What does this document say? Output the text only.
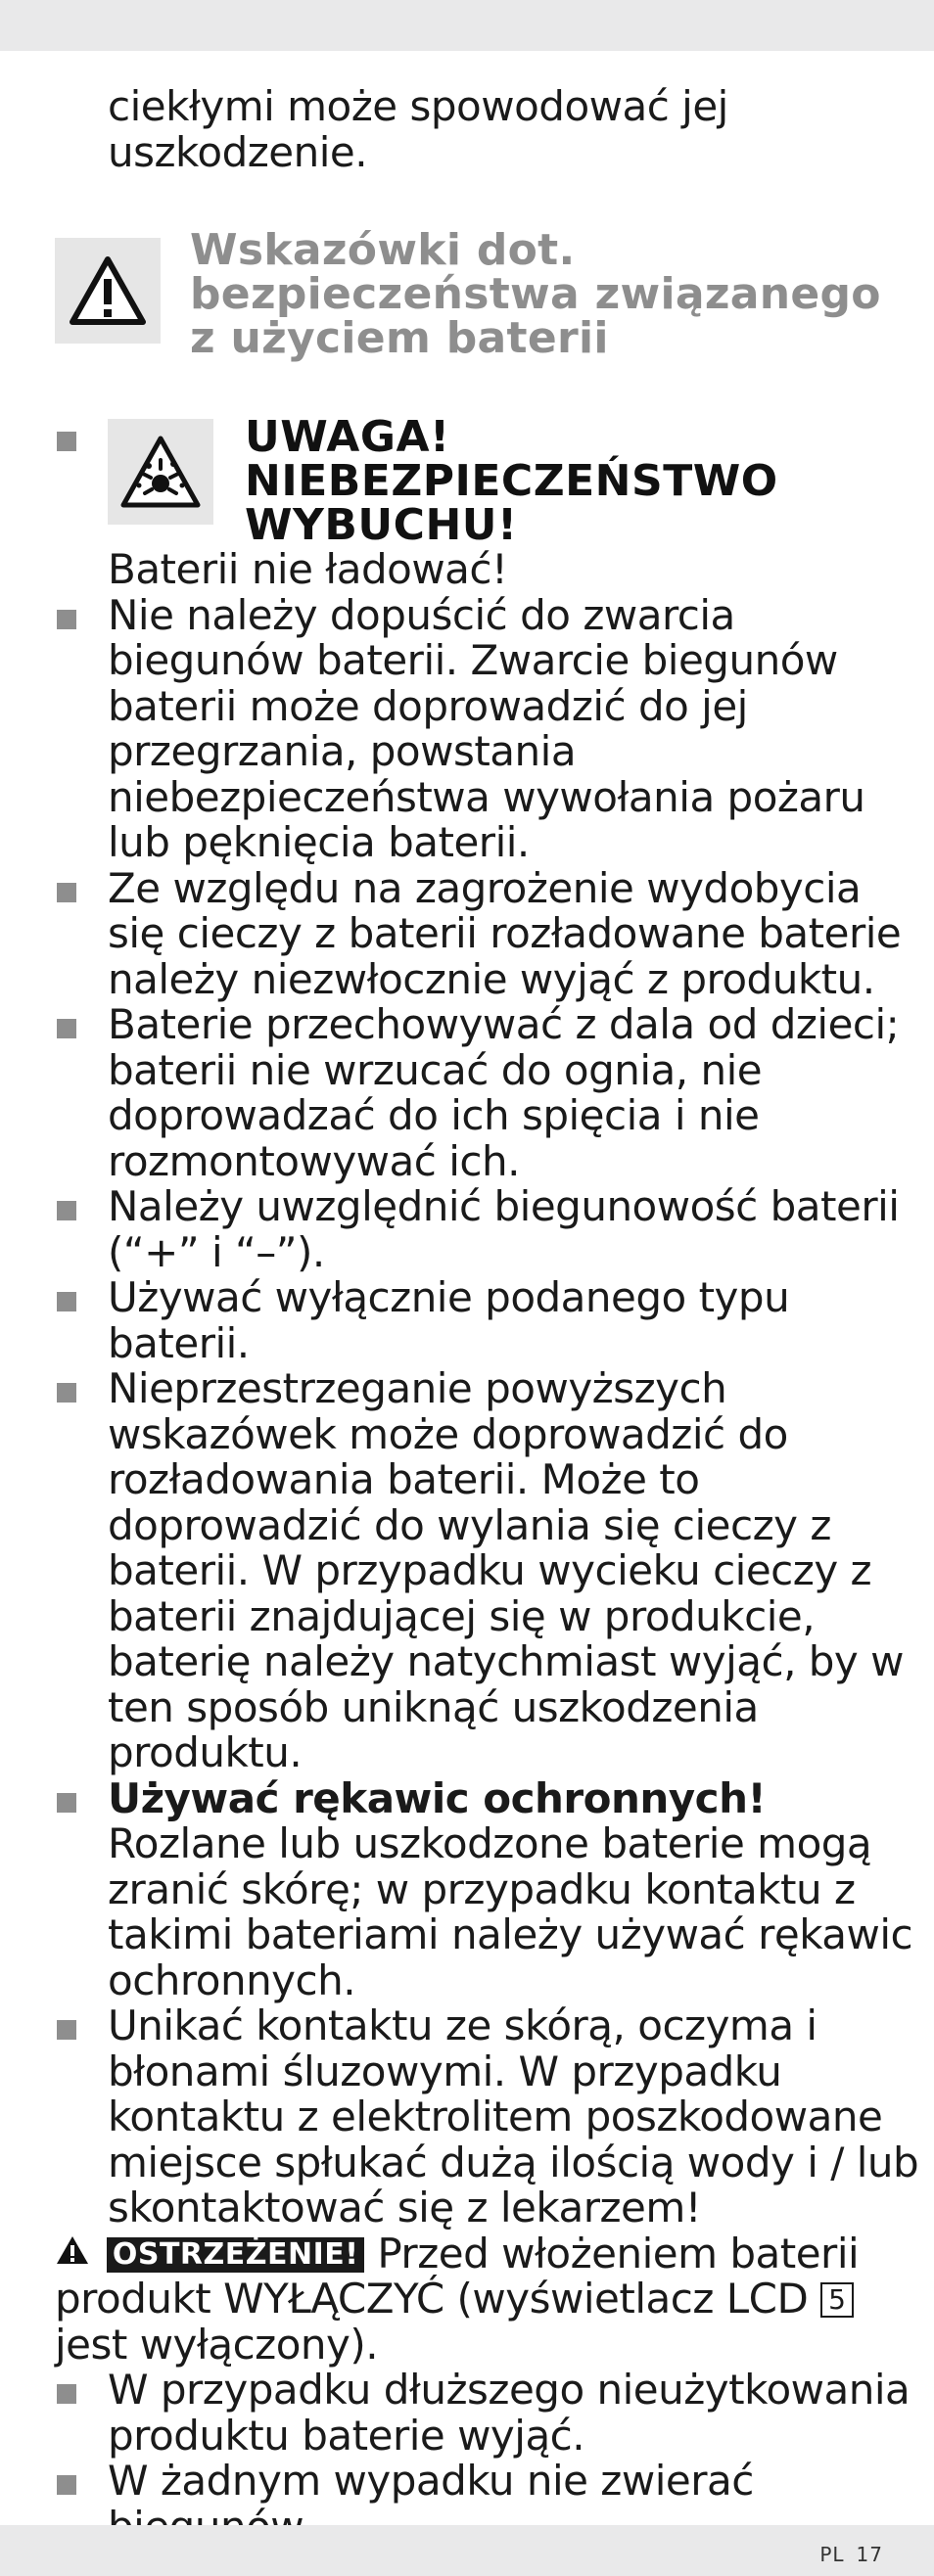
ciekłymi może spowodować jej
uszkodzenie.
Wskazówki dot.
bezpieczeństwa związanego
z użyciem baterii
UWAGA!
NIEBEZPIECZEŃSTWO
WYBUCHU!
Baterii nie ładować!
Nie należy dopuścić do zwarcia
biegunów baterii. Zwarcie biegunów
baterii może doprowadzić do jej
przegrzania, powstania
niebezpieczeństwa wywołania pożaru
lub pęknięcia baterii.
Ze względu na zagrożenie wydobycia
się cieczy z baterii rozładowane baterie
należy niezwłocznie wyjąć z produktu.
Baterie przechowywać z dala od dzieci;
baterii nie wrzucać do ognia, nie
doprowadzać do ich spięcia i nie
rozmontowywać ich.
Należy uwzględnić biegunowość baterii
(“+” i “–”).
Używać wyłącznie podanego typu
baterii.
Nieprzestrzeganie powyższych
wskazówek może doprowadzić do
rozładowania baterii. Może to
doprowadzić do wylania się cieczy z
baterii. W przypadku wycieku cieczy z
baterii znajdującej się w produkcie,
baterię należy natychmiast wyjąć, by w
ten sposób uniknąć uszkodzenia produktu.
Używać rękawic ochronnych!
Rozlane lub uszkodzone baterie mogą
zranić skórę; w przypadku kontaktu z
takimi bateriami należy używać rękawic
ochronnych.
Unikać kontaktu ze skórą, oczyma i
błonami śluzowymi. W przypadku
kontaktu z elektrolitem poszkodowane
miejsce spłukać dużą ilością wody i / lub
skontaktować się z lekarzem!
OSTRZEŻENIE! Przed włożeniem baterii
produkt WYŁĄCZYĆ (wyświetlacz LCD 5
jest wyłączony).
W przypadku dłuższego nieużytkowania
produktu baterie wyjąć.
W żadnym wypadku nie zwierać
PL 17
